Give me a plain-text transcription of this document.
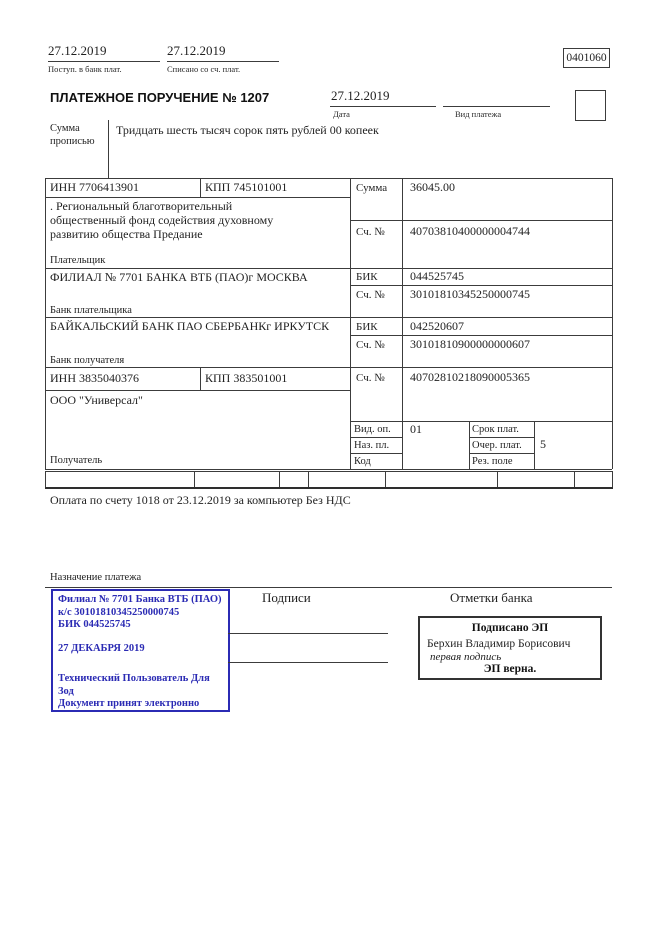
27.12.2019
Поступ. в банк плат.
27.12.2019
Списано со сч. плат.
0401060
ПЛАТЕЖНОЕ ПОРУЧЕНИЕ № 1207	27.12.2019
Дата	Вид платежа
Сумма
прописью
Тридцать шесть тысяч сорок пять рублей 00 копеек
ИНН 7706413901	КПП 745101001	Сумма 36045.00
. Региональный благотворительный
общественный фонд содействия духовному
развитию общества Предание
Плательщик
Сч. № 40703810400000004744
ФИЛИАЛ № 7701 БАНКА ВТБ (ПАО)г МОСКВА
Банк плательщика
БИК	044525745
Сч. № 30101810345250000745
БАЙКАЛЬСКИЙ БАНК ПАО СБЕРБАНКг ИРКУТСК
Банк получателя
БИК	042520607
Сч. № 30101810900000000607
ИНН 3835040376	КПП 383501001	Сч. № 40702810218090005365
ООО "Универсал"
Получатель
Вид. оп. 01
Наз. пл.
Код
Срок плат.
Очер. плат. 5
Рез. поле
Оплата по счету 1018 от 23.12.2019 за компьютер Без НДС
Назначение платежа
Филиал № 7701 Банка ВТБ (ПАО)
к/с 30101810345250000745
БИК 044525745
27 ДЕКАБРЯ 2019
Технический Пользователь Для
Зод
Документ принят электронно
Подписи	Отметки банка
Подписано ЭП
Берхин Владимир Борисович
первая подпись
ЭП верна.
